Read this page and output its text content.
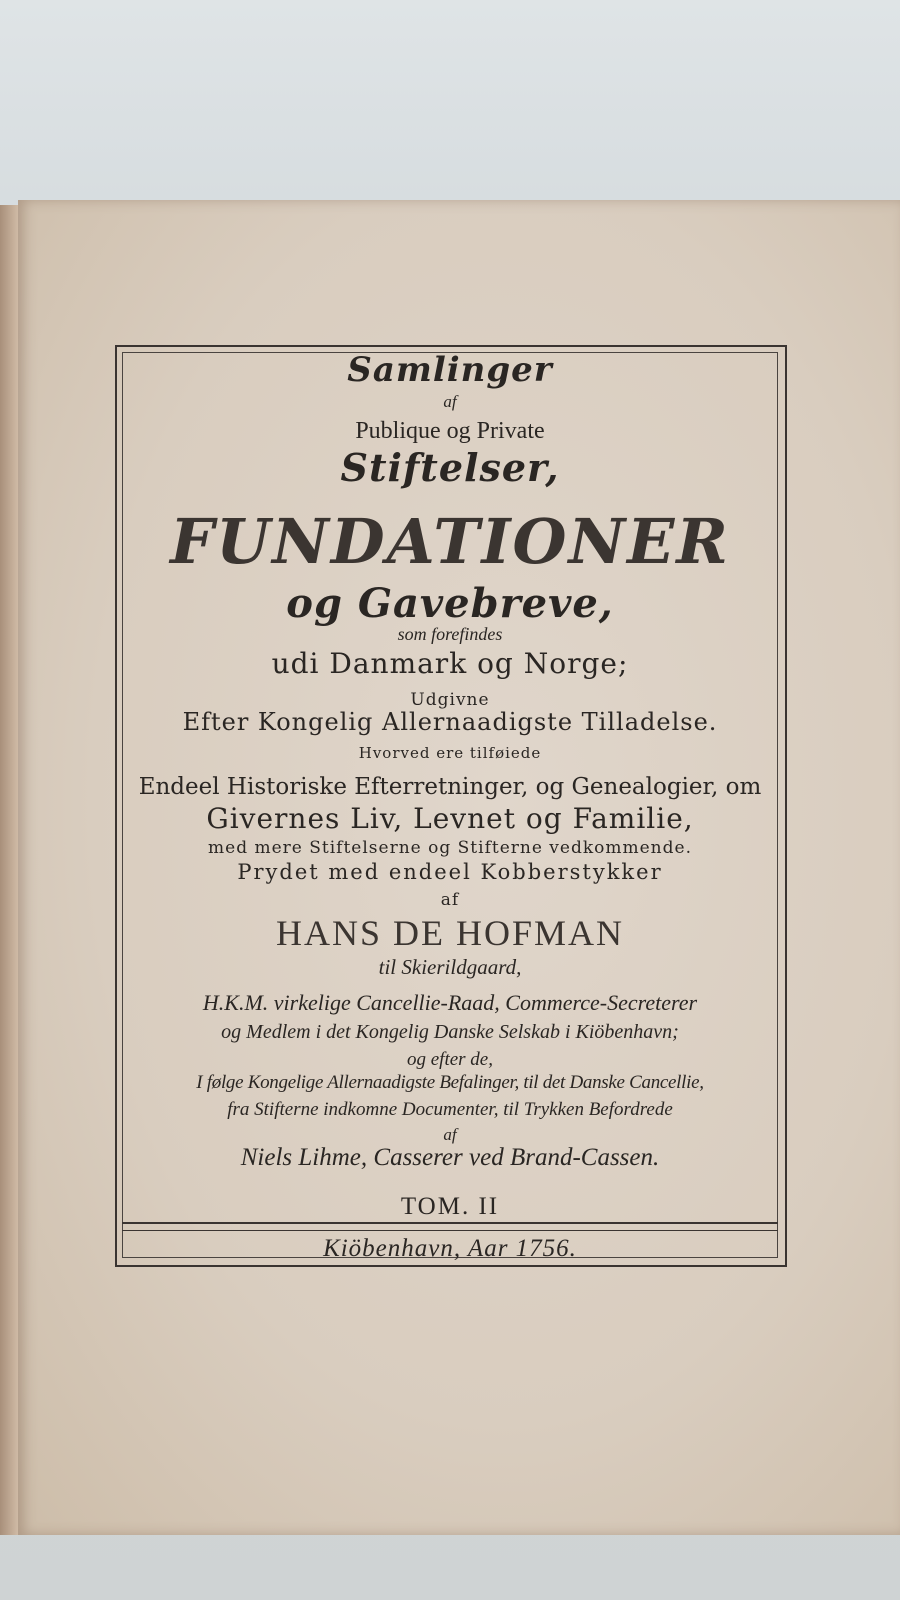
Samlinger
af
Publique og Private
Stiftelser,
FUNDATIONER
og Gavebreve,
som forefindes
udi Danmark og Norge;
Udgivne
Efter Kongelig Allernaadigste Tilladelse.
Hvorved ere tilføiede
Endeel Historiske Efterretninger, og Genealogier, om
Givernes Liv, Levnet og Familie,
med mere Stiftelserne og Stifterne vedkommende.
Prydet med endeel Kobberstykker
af
HANS DE HOFMAN
til Skierildgaard,
H.K.M. virkelige Cancellie-Raad, Commerce-Secreterer
og Medlem i det Kongelig Danske Selskab i Kiöbenhavn;
og efter de,
I følge Kongelige Allernaadigste Befalinger, til det Danske Cancellie,
fra Stifterne indkomne Documenter, til Trykken Befordrede
af
Niels Lihme, Casserer ved Brand-Cassen.
TOM. II
Kiöbenhavn, Aar 1756.
